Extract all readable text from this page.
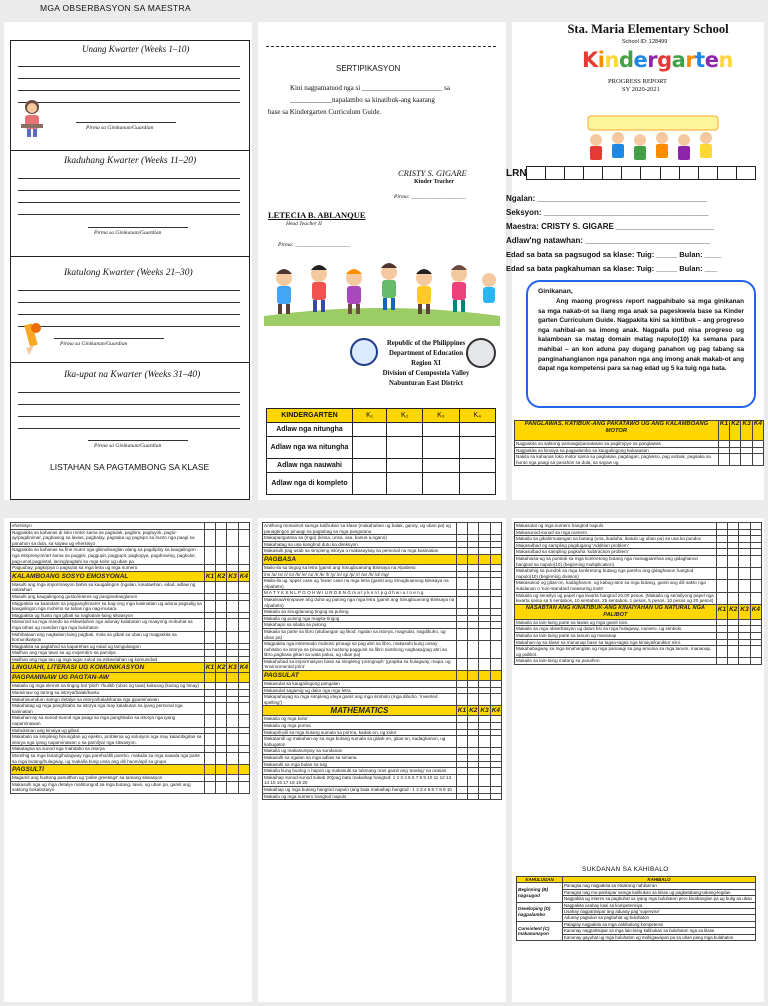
MGA OBSERBASYON SA MAESTRA
Unang Kwarter (Weeks 1–10)
Pirma sa Ginikanan/Guardian
Ikaduhang Kwarter (Weeks 11–20)
Pirma sa Ginikanan/Guardian
Ikatulong Kwarter (Weeks 21–30)
Pirma sa Ginikanan/Guardian
Ika-upat na Kwarter (Weeks 31–40)
Pirma sa Ginikanan/Guardian
LISTAHAN SA PAGTAMBONG SA KLASE
SERTIPIKASYON
Kini nagpamatuod nga si _______________________ sa
____________napalambo sa kinatibuk-ang kaarang
base sa Kindergarten Curriculum Guide.
CRISTY S. GIGARE
Kinder Teacher
Pirma: ____________________
LETECIA B. ABLANQUE
Head Teacher II
Pirma: ____________________
Republic of the Philippines
Department of Education
Region XI
Division of Compostela Valley
Nabunturan East District
KINDERGARTEN	K₁	K₂	K₃	K₄
Adlaw nga nitungha				
Adlaw nga wa nitungha				
Adlaw nga nauwahi				
Adlaw nga di kompleto				
Sta. Maria Elementary School
School ID: 128499
Kindergarten
PROGRESS REPORT
SY 2020-2021
LRN
Ngalan: ______________________________________
Seksyon: _____________________________________
Maestra: CRISTY S. GIGARE ______________________
Adlaw'ng natawhan: ____________________________
Edad sa bata sa pagsugod sa klase: Tuig: _____ Bulan: ____
Edad sa bata pagkahuman sa klase: Tuig: _____ Bulan: ___
Ginikanan,
Ang maong progress report nagpahibalo sa mga ginikanan sa mga nakab-ot sa ilang mga anak sa pageskwela base sa Kinder garten Curriculum Guide. Nagpakita kini sa kintibuk – ang progreso nga nahibal-an sa imong anak. Nagpalla pud nisa progreso ug kalamboan sa matag domain matag napulo(10) ka semana para mahibal – an kon aduna pay dugang panahon ug pag tabang sa panginahanglanon nga panahon nga ang imong anak makab-ot ang dapat nga kompetensi para sa nag edad ug 5 ka tuig nga bata.
PANGLAWAS, KATIBUK-ANG PAKATAWO UG ANG KALAMBOANG MOTOR	K1	K2	K3	K4
Nagpakita sa saktong pamaagi/pamatasan sa paglimpyo sa panglawas				
Nagpakita sa kinaiya sa pagpalambo sa kaugalingong kaluwasan				
Nakita sa kahanas loko motor sama sa paglakaw, pagdagan, paglukso, pag ambak, pagsaka sa hunto nga paagi sa panahon sa dula, sa sayaw ug				
ehersisyo				
Nagpakita sa kahanas di loko motor sama sa pagtulak, pagbira, pagtuyok, pagto-ay/pagdinimar, pagbawog sa lawas, pagbalay, pagsaka ug pagsipo sa hunto nga paagi sa panahon sa dula, sa sayaw ug ehersisyo				
Nagpakita sa kahanas sa fine motor nga gikinahanglan alang sa pagdiploy sa kaugalingon nga ekspresyon/art sama sa paggisi, paggupit, paggupit, pagkopya, pagdrowing, pagkolor, pag-umol,pagpintal, lacing/pagtahi sa mga kolor ug uban pa				
Paguubay, pagkopya o pagsulat sa mga letra ug mga numero				
KALAMBOANG SOSYO EMOSYONAL	K1	K2	K3	K4
Masulti ang mga impormasyon bahin sa kaugalingon (ngalan, kinatawhan, edad, adlaw ng natawhan				
Masulti ang kaugalingong gusto/interes ug panginahanglanon				
Magpakita sa kaandam sa pagpanghimarer sa bag-ong mga kasinatian ug aduna pagsalig sa kaugalingon nga mohimo sa tahas nga nag-inusara				
Magpakita ug husto nga gibati sa nagkalain-laing sitwasyon				
Mosunod sa mga mando sa eskwelahan nga adunay kalabutan ug maayong mobuhat sa mga tahas ug ruandan nga mga buluhaton				
Mahibalaan ang nagkalain-laing pagbati, mola sa gibati sa uban ug magpakita sa komunikasyon				
Magpakita sa pagtahod sa kaparehas ug edad ug tamgulangon				
Mailhan ang mga tawo sa ug mojembro sa pamilya				
Mailhan ang mga tao ug mga lugar sulod sa eskwelahan ug komunidad				
LINGUAHI, LITERASI UG KOMUNIKASYON	K1	K2	K3	K4
PAGPAMINAW UG PAGTAN-AW				
Makaila og mga elemnt sa tingog hal 'pitch' /'kulitib (ubos og taas) kakusog (kusog og hinay)				
Mamiinaw og tarong sa istorya/balak/kanta				
Makahinumdum samgo detalye sa istorya/balak/kanta nga gipaminawan				
Makahatag ug mga panghitabo sa istorya nga may kalabutan sa iyang personal nga kasinatian				
Makahan-ay sa sunod-sunod nga paagi sa mga panghitabo sa istorya nga iyang napaminawan				
Mahukiman ang kinaiya ug gibati				
Makabalo sa simpleng hinungdan ug epekto, problema ug solusyon nga may kalambigitan sa istorya nga iyang napaminawan o sa pamilyar nga sitwasyon.				
Makatagna sa sunod nga mahitabo sa istorya				
Momihig sa mga butang/hulagway nga pareho/dili pareho, makaila sa mga nawala nga parte sa mga butang/hulagway, ug makaila kung unsa ang dili haom/apil sa grupo				
PAGSULTI				
Magamit ang hustong panulthon ug 'polite greetings' sa tamang sitwasyon				
Makasulti nga ug mga detalye mahitungod sa mga butang, tawo, ug uban pa, gamit ang saktong bokabolaryo				
Antihong mosaimot samga kalihukan sa klase (makahuban ug balak, ganoy, ug uban pa) ug panagtingon pinaagi sa pagtubag sa mga pangutana				
Makapangutana sa (mga) (kinsa, unsa, asa, kanus-a,ngano)				
Makahatag sa usa kanghod dutu ka direksyon				
Makasulti pag usab sa simpleng istorya o makasaysay sa personal na mga kasinatian				
PAGBASA				
Mailo-ila sa tingog sa letra (gamit ang Sinugbuanong Binisaya na Alpabeto:				
/m/ /a/ /s/ /i/ /o/ /b/ /e/ /u/ /t/ /k/ /l/ /y/ /n/ /g/ /p/ /r/ /w/ /h/ /d/ /ng/				
Maila-ila ug 'upper case ug 'lower case na mga letra (gamit ang Sinugbuanong Binisaya na Alpabeto)				
M A T Y K S N L P G O H W I U R D E N G m a t y k s n l p g d h w i u r o e n g				
Makaisaa/Himpuwe ang duha ug pulong nga mga letra (gamit ang Sinugbuanong Binisaya na Alpabeto)				
Makaila sa sinugdanang tingog sa pulong				
Makaila og pulong nga magka-tingog				
Makahapo sa silaba sa pulong				
Makaila sa parte sa libro (atubangan ug likod, ngalan sa istorya, magsulat, nagdibuho, ug uban pa)				
Magpakita nga interesado muboso pinaagi sa pag abri sa libro, makasulti kung unsay nahitabo sa istorya sa pinaagi sa hustong paggunit sa libro sambong nagbasa(pag abri sa libro,pagbasa gikan sa wala paluu, ug uban pa)				
Makahubad sa impormasyon base sa simpleng 'pictograph' (grapika sa hulagway, mapa, ug 'environmental print'				
PAGSULAT				
Makasulat sa kaugalingong pangalan				
Makasulat sagamig ug dako nga mga letra				
Makapahayag sa mga simpleng ideya gamit ang mga simbolo (mga dibuho, 'invented spelling')				
MATHEMATICS	K1	K2	K3	K4
Makaila og mga kolor				
Makaila og mga porma				
Makapili-pili sa mga butang sumala sa porma, kadak-on, ug kolor				
Makatandi ug makahan-ay sa mga butang sumala sa gidak-on, gitas-on, kadaghanon, ug kabugaton				
Makaila ug makasumpay sa sundanan				
Makasulti sa ngalan sa mga adlaw sa simana				
Makasulti sa mga bulan sa tuig				
Makaila kung bunlog o hapon ug makasulti sa tukmang oras gamit ang 'analog' na orasan				
Makaihap sunod-sunod sukab 20(pag bata makaihap hangtod: 1 2 3 4 5 6 7 8 9 10 11 12 13 14 15 16 17 18 19 20				
Makaihap ug mga butang hangtod napulo (ang bata makaihap hangtod : 1 2 3 4 5 6 7 8 9 10				
Makaila og mga numero hangtod napulo				
Makasulat og mga numero hangtod napulo				
Makasunod-sunod sa mga numero				
Makaila sa gikahimutangan sa butang (una, ikaduha, ikatulo ug uban pa) sa usa ka pundoc				
Makasulbad og sampling pagdugang 'Addition problem'				
Makasulbad sa sampling pagkuha 'subtraction problem'				
Makahiusa-ug sa pundok sa mga konkretong butang nga managparehas ang gidaghanon hangtod sa napulo(10) (beginning multiplication)				
Makabahig sa pundok sa mga konkretong butang nga pareho ang gidaghanon hangtod napulo(10) (beginning division)				
Makasukod og gitas-on, kadaghanon, ug kabug-aton sa mga butang, gamit ang dili sakto nga sukdanan o 'non-standard measuring tools'				
Makaila og sensilyo ug papel nga kwarta hangtod 20.00 pesos. (Makaila og sensilyong papel nga kwarta sama sa 5 sentabos, 10 sentabos, 25 sentabos, 1 pesos, 5 pesos, 10 pesos ug 20 pesos)				
NASABTAN ANG KINATIBUK-ANG KINAIYAHAN UG NATURAL NGA PALIBOT	K1	K2	K3	K4
Makaila sa lain-laing parte sa lawas ug mga gamit niini.				
Makaila sa mga obserbasyon ug datus bsi sa mga hulagway, numero, ug simbolo				
Makaila sa lain-laing parte sa tanum ug mananap				
Makahan-ay sa klase sa mananap base sa tagsa-tagsa nga kinaiya/kaniktor niini.				
Makahabagway sa mga kinahanglan ug mga pamaagi sa pag-amuma sa mga tanum, mananap, ug palibot.				
Makaila sa lain-laing matang sa panahon.				
SUKDANAN SA KAHIBALO
KAHULUGAN	KAHIBALO
Beginning (B) nagsugod	Panagsa nag nagpakita sa etsakong nahibal-an
	Panagsa nag mu-partisipar samga kalihukan sa klase ug pagkatabang-tabang-legdan
	Nagpakita ug interes sa pagbuhat sa iyang mga buluhaton pero kinahanglan pa ug bulig sa uban
Developing (D) nagpalambo	Nagpakita usahay kasi sa kompetensiya
	Usahay nagpartisipar ang adunay pag 'supervise'
	Adunay pagtulun sa pagbuhat ug buluhaton
Consistent (C) makanunayon	Palagiay nagpakita sa mga nahibalong kompetensi
	Kanunay nagpartisipar sa mga lain-laing kalihukan sa buluhaton nga sa klase
	Kanunay gayuhat ug mga buluhaton ug mahigawayan pa sa uban pang mga bulahaton
